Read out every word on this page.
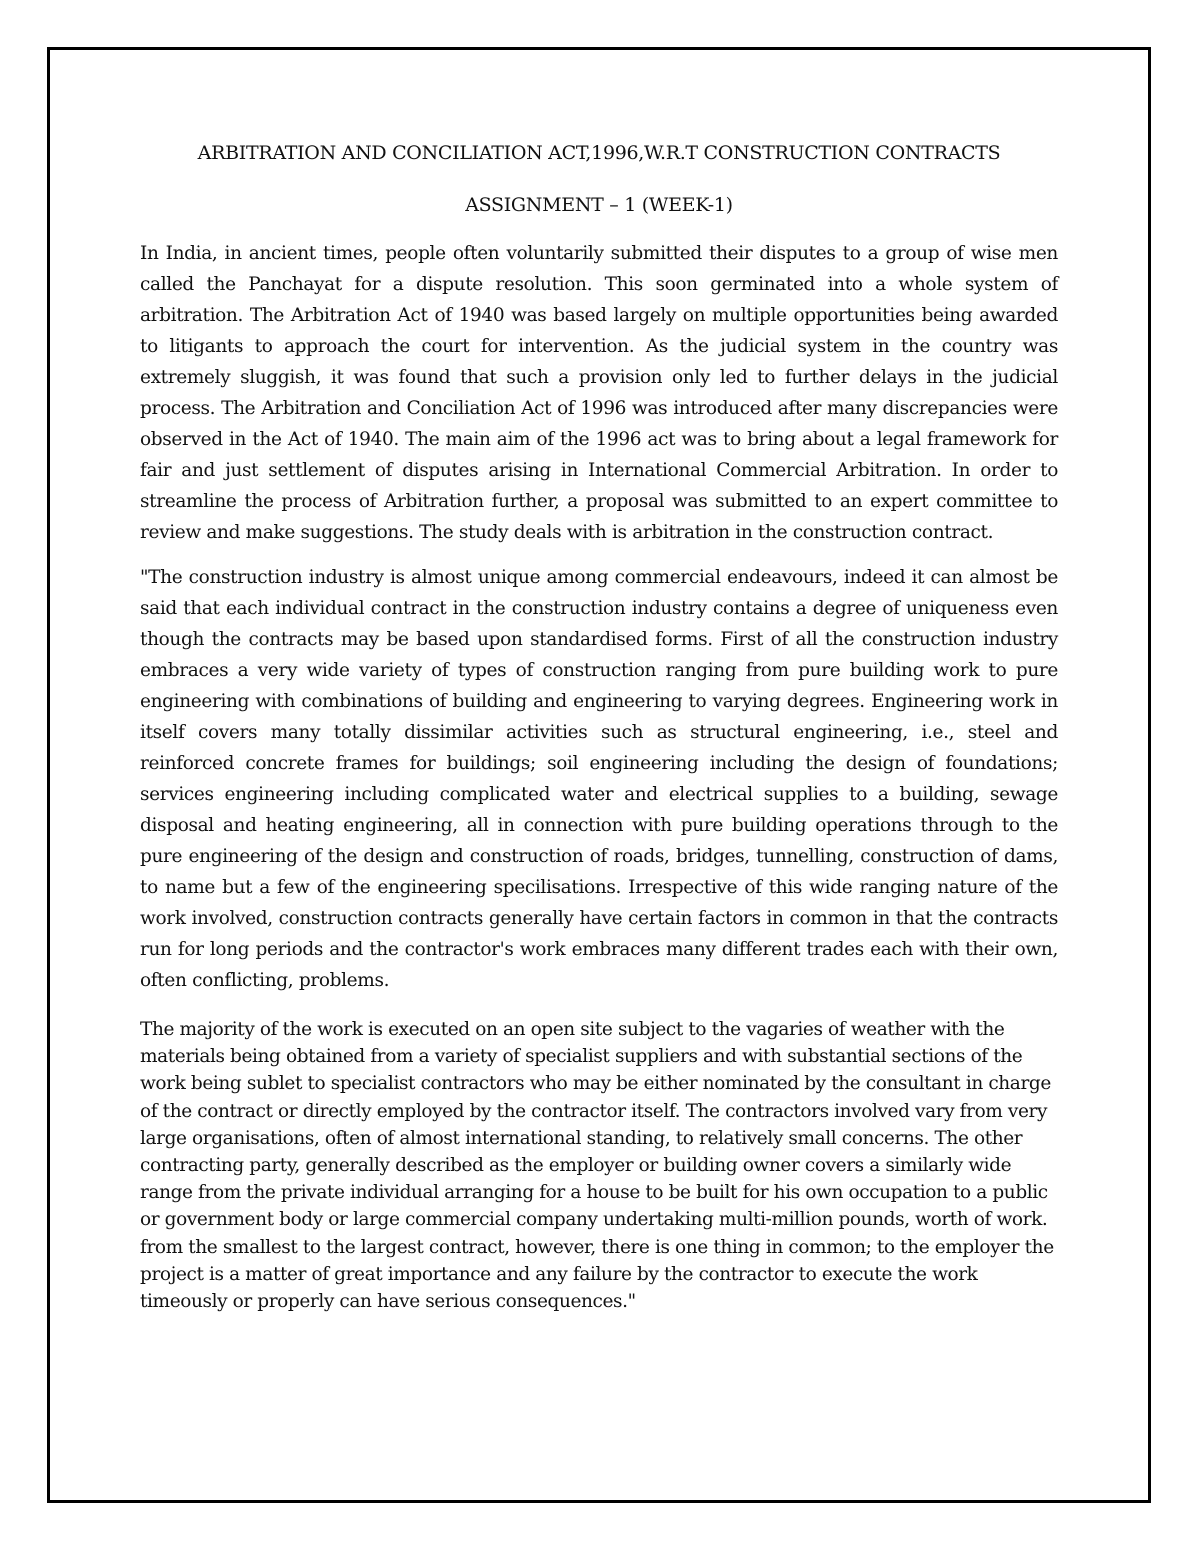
ARBITRATION AND CONCILIATION ACT,1996,W.R.T CONSTRUCTION CONTRACTS
ASSIGNMENT – 1 (WEEK-1)

In India, in ancient times, people often voluntarily submitted their disputes to a group of wise men called the Panchayat for a dispute resolution. This soon germinated into a whole system of arbitration. The Arbitration Act of 1940 was based largely on multiple opportunities being awarded to litigants to approach the court for intervention. As the judicial system in the country was extremely sluggish, it was found that such a provision only led to further delays in the judicial process. The Arbitration and Conciliation Act of 1996 was introduced after many discrepancies were observed in the Act of 1940. The main aim of the 1996 act was to bring about a legal framework for fair and just settlement of disputes arising in International Commercial Arbitration. In order to streamline the process of Arbitration further, a proposal was submitted to an expert committee to review and make suggestions. The study deals with is arbitration in the construction contract.

"The construction industry is almost unique among commercial endeavours, indeed it can almost be said that each individual contract in the construction industry contains a degree of uniqueness even though the contracts may be based upon standardised forms. First of all the construction industry embraces a very wide variety of types of construction ranging from pure building work to pure engineering with combinations of building and engineering to varying degrees. Engineering work in itself covers many totally dissimilar activities such as structural engineering, i.e., steel and reinforced concrete frames for buildings; soil engineering including the design of foundations; services engineering including complicated water and electrical supplies to a building, sewage disposal and heating engineering, all in connection with pure building operations through to the pure engineering of the design and construction of roads, bridges, tunnelling, construction of dams, to name but a few of the engineering specilisations. Irrespective of this wide ranging nature of the work involved, construction contracts generally have certain factors in common in that the contracts run for long periods and the contractor's work embraces many different trades each with their own, often conflicting, problems.

The majority of the work is executed on an open site subject to the vagaries of weather with the materials being obtained from a variety of specialist suppliers and with substantial sections of the work being sublet to specialist contractors who may be either nominated by the consultant in charge of the contract or directly employed by the contractor itself. The contractors involved vary from very large organisations, often of almost international standing, to relatively small concerns. The other contracting party, generally described as the employer or building owner covers a similarly wide range from the private individual arranging for a house to be built for his own occupation to a public or government body or large commercial company undertaking multi-million pounds, worth of work. from the smallest to the largest contract, however, there is one thing in common; to the employer the project is a matter of great importance and any failure by the contractor to execute the work timeously or properly can have serious consequences."
